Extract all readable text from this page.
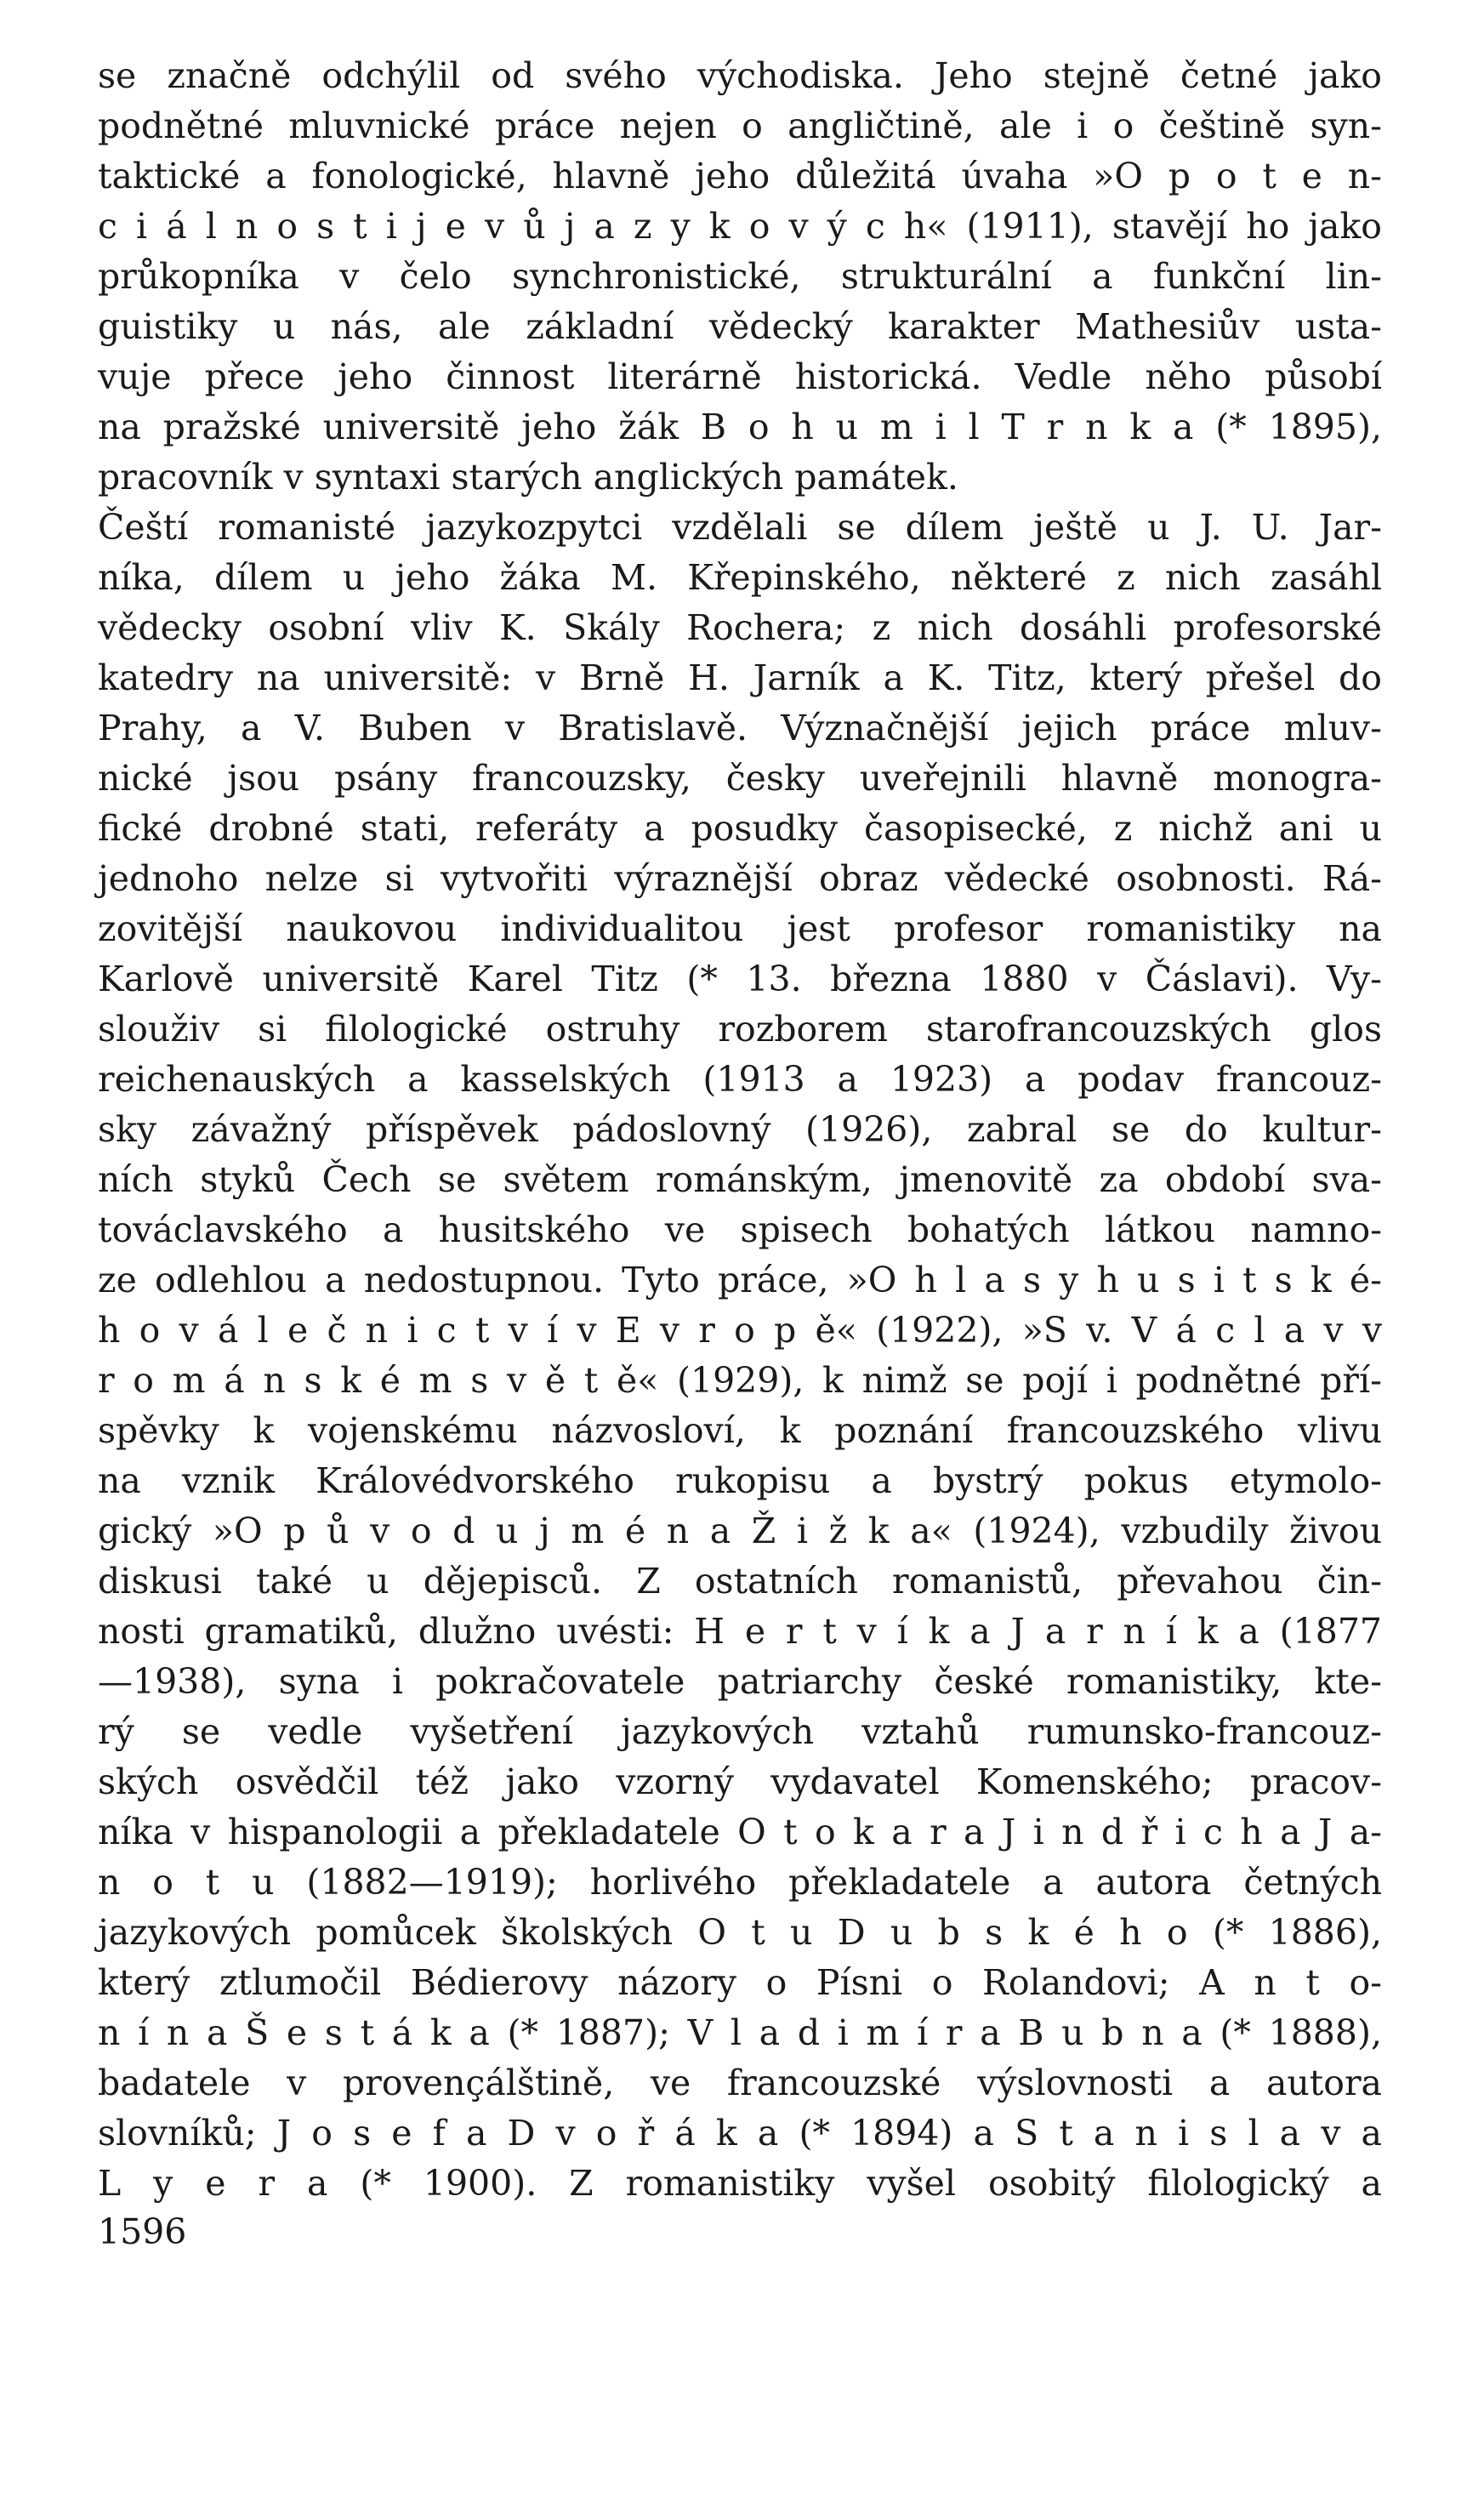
se značně odchýlil od svého východiska. Jeho stejně četné jako
podnětné mluvnické práce nejen o angličtině, ale i o češtině syn-
taktické a fonologické, hlavně jeho důležitá úvaha »O p o t e n-
c i á l n o s t i j e v ů j a z y k o v ý c h« (1911), stavějí ho jako
průkopníka v čelo synchronistické, strukturální a funkční lin-
guistiky u nás, ale základní vědecký karakter Mathesiův usta-
vuje přece jeho činnost literárně historická. Vedle něho působí
na pražské universitě jeho žák B o h u m i l T r n k a (* 1895),
pracovník v syntaxi starých anglických památek.
Čeští romanisté jazykozpytci vzdělali se dílem ještě u J. U. Jar-
níka, dílem u jeho žáka M. Křepinského, některé z nich zasáhl
vědecky osobní vliv K. Skály Rochera; z nich dosáhli profesorské
katedry na universitě: v Brně H. Jarník a K. Titz, který přešel do
Prahy, a V. Buben v Bratislavě. Význačnější jejich práce mluv-
nické jsou psány francouzsky, česky uveřejnili hlavně monogra-
fické drobné stati, referáty a posudky časopisecké, z nichž ani u
jednoho nelze si vytvořiti výraznější obraz vědecké osobnosti. Rá-
zovitější naukovou individualitou jest profesor romanistiky na
Karlově universitě Karel Titz (* 13. března 1880 v Čáslavi). Vy-
slouživ si filologické ostruhy rozborem starofrancouzských glos
reichenauských a kasselských (1913 a 1923) a podav francouz-
sky závažný příspěvek pádoslovný (1926), zabral se do kultur-
ních styků Čech se světem románským, jmenovitě za období sva-
továclavského a husitského ve spisech bohatých látkou namno-
ze odlehlou a nedostupnou. Tyto práce, »O h l a s y h u s i t s k é-
h o v á l e č n i c t v í v E v r o p ě« (1922), »S v. V á c l a v v
r o m á n s k é m s v ě t ě« (1929), k nimž se pojí i podnětné pří-
spěvky k vojenskému názvosloví, k poznání francouzského vlivu
na vznik Královédvorského rukopisu a bystrý pokus etymolo-
gický »O p ů v o d u j m é n a Ž i ž k a« (1924), vzbudily živou
diskusi také u dějepisců. Z ostatních romanistů, převahou čin-
nosti gramatiků, dlužno uvésti: H e r t v í k a J a r n í k a (1877
—1938), syna i pokračovatele patriarchy české romanistiky, kte-
rý se vedle vyšetření jazykových vztahů rumunsko-francouz-
ských osvědčil též jako vzorný vydavatel Komenského; pracov-
níka v hispanologii a překladatele O t o k a r a J i n d ř i c h a J a-
n o t u (1882—1919); horlivého překladatele a autora četných
jazykových pomůcek školských O t u D u b s k é h o (* 1886),
který ztlumočil Bédierovy názory o Písni o Rolandovi; A n t o-
n í n a Š e s t á k a (* 1887); V l a d i m í r a B u b n a (* 1888),
badatele v provençálštině, ve francouzské výslovnosti a autora
slovníků; J o s e f a D v o ř á k a (* 1894) a S t a n i s l a v a
L y e r a (* 1900). Z romanistiky vyšel osobitý filologický a
1596
